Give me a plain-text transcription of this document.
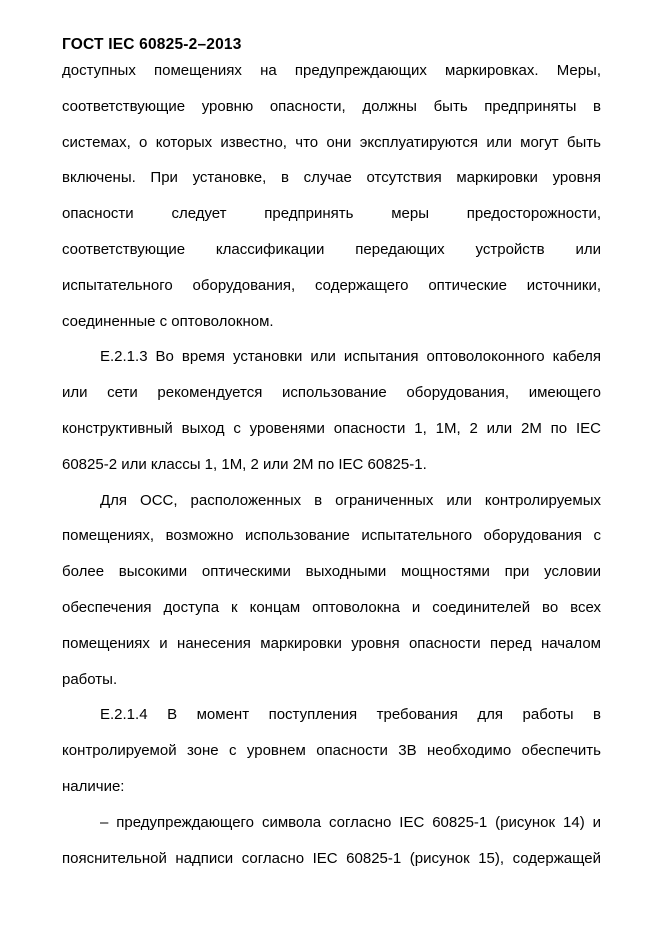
ГОСТ IEC 60825-2–2013
доступных помещениях на предупреждающих маркировках. Меры,
соответствующие уровню опасности, должны быть предприняты в
системах, о которых известно, что они эксплуатируются или могут быть
включены. При установке, в случае отсутствия маркировки уровня
опасности следует предпринять меры предосторожности,
соответствующие классификации передающих устройств или
испытательного оборудования, содержащего оптические источники,
соединенные с оптоволокном.
Е.2.1.3 Во время установки или испытания оптоволоконного кабеля
или сети рекомендуется использование оборудования, имеющего
конструктивный выход с уровенями опасности 1, 1М, 2 или 2М по IEC
60825-2 или классы 1, 1М, 2 или 2М по IEC 60825-1.
Для ОСС, расположенных в ограниченных или контролируемых
помещениях, возможно использование испытательного оборудования с
более высокими оптическими выходными мощностями при условии
обеспечения доступа к концам оптоволокна и соединителей во всех
помещениях и нанесения маркировки уровня опасности перед началом
работы.
Е.2.1.4 В момент поступления требования для работы в
контролируемой зоне с уровнем опасности 3В необходимо обеспечить
наличие:
– предупреждающего символа согласно IEC 60825-1 (рисунок 14) и
пояснительной надписи согласно IEC 60825-1 (рисунок 15), содержащей
